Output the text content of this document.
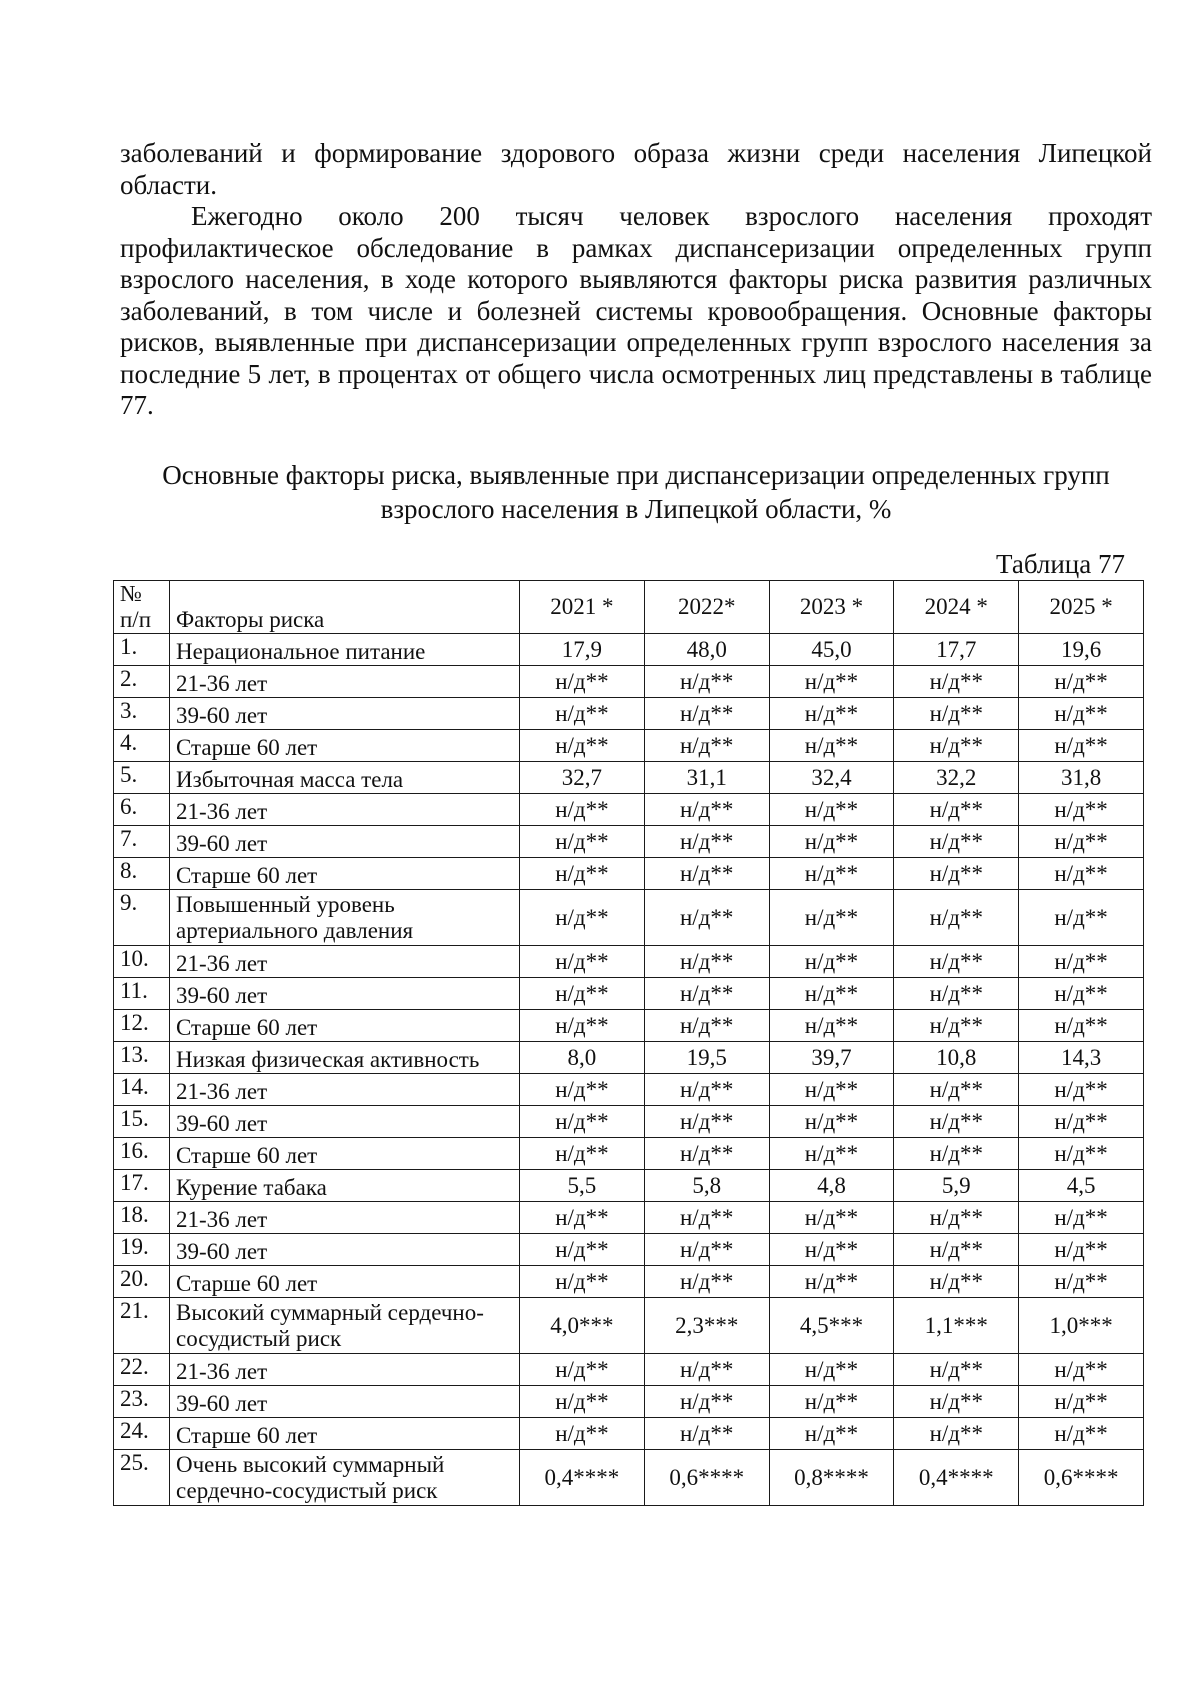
заболеваний и формирование здорового образа жизни среди населения Липецкой области.

Ежегодно около 200 тысяч человек взрослого населения проходят профилактическое обследование в рамках диспансеризации определенных групп взрослого населения, в ходе которого выявляются факторы риска развития различных заболеваний, в том числе и болезней системы кровообращения. Основные факторы рисков, выявленные при диспансеризации определенных групп взрослого населения за последние 5 лет, в процентах от общего числа осмотренных лиц представлены в таблице 77.

Основные факторы риска, выявленные при диспансеризации определенных групп
взрослого населения в Липецкой области, %
Таблица 77
№
п/п	Факторы риска	2021 *	2022*	2023 *	2024 *	2025 *
1.	Нерациональное питание	17,9	48,0	45,0	17,7	19,6
2.	21-36 лет	н/д**	н/д**	н/д**	н/д**	н/д**
3.	39-60 лет	н/д**	н/д**	н/д**	н/д**	н/д**
4.	Старше 60 лет	н/д**	н/д**	н/д**	н/д**	н/д**
5.	Избыточная масса тела	32,7	31,1	32,4	32,2	31,8
6.	21-36 лет	н/д**	н/д**	н/д**	н/д**	н/д**
7.	39-60 лет	н/д**	н/д**	н/д**	н/д**	н/д**
8.	Старше 60 лет	н/д**	н/д**	н/д**	н/д**	н/д**
9.	Повышенный уровень артериального давления	н/д**	н/д**	н/д**	н/д**	н/д**
10.	21-36 лет	н/д**	н/д**	н/д**	н/д**	н/д**
11.	39-60 лет	н/д**	н/д**	н/д**	н/д**	н/д**
12.	Старше 60 лет	н/д**	н/д**	н/д**	н/д**	н/д**
13.	Низкая физическая активность	8,0	19,5	39,7	10,8	14,3
14.	21-36 лет	н/д**	н/д**	н/д**	н/д**	н/д**
15.	39-60 лет	н/д**	н/д**	н/д**	н/д**	н/д**
16.	Старше 60 лет	н/д**	н/д**	н/д**	н/д**	н/д**
17.	Курение табака	5,5	5,8	4,8	5,9	4,5
18.	21-36 лет	н/д**	н/д**	н/д**	н/д**	н/д**
19.	39-60 лет	н/д**	н/д**	н/д**	н/д**	н/д**
20.	Старше 60 лет	н/д**	н/д**	н/д**	н/д**	н/д**
21.	Высокий суммарный сердечно-сосудистый риск	4,0***	2,3***	4,5***	1,1***	1,0***
22.	21-36 лет	н/д**	н/д**	н/д**	н/д**	н/д**
23.	39-60 лет	н/д**	н/д**	н/д**	н/д**	н/д**
24.	Старше 60 лет	н/д**	н/д**	н/д**	н/д**	н/д**
25.	Очень высокий суммарный сердечно-сосудистый риск	0,4****	0,6****	0,8****	0,4****	0,6****
